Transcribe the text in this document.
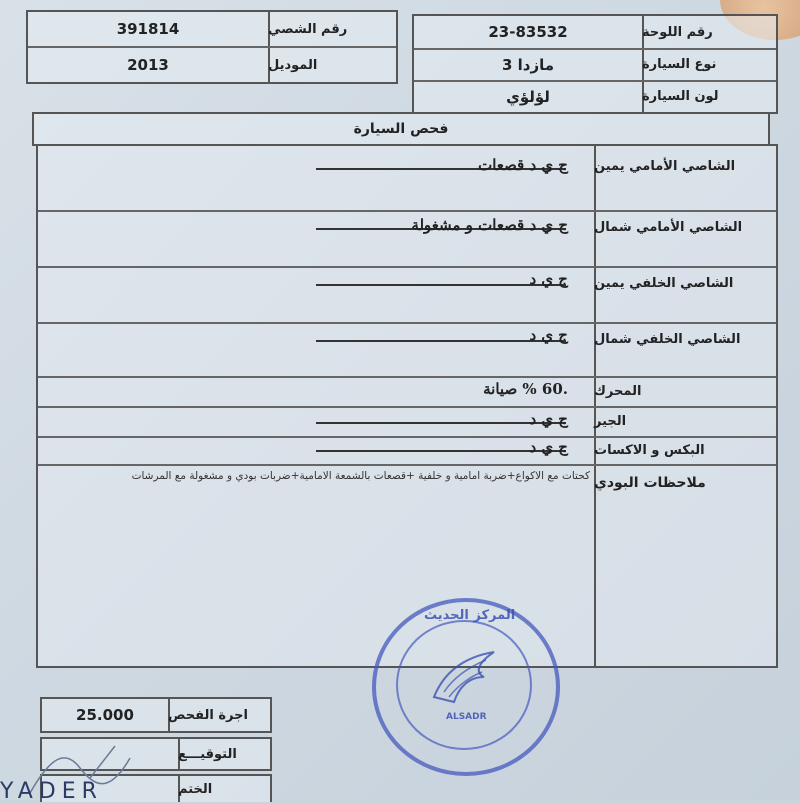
رقم الشصي
391814
الموديل
2013
رقم اللوحة
23-83532
نوع السيارة
مازدا 3
لون السيارة
لؤلؤي
فحص السيارة
الشاصي الأمامي يمين
ج ي د قصعات
الشاصي الأمامي شمال
ج ي د قصعات و مشغولة
الشاصي الخلفي يمين
ج ي د
الشاصي الخلفي شمال
ج ي د
المحرك
.60 % صيانة
الجير
ج ي د
البكس و الاكسات
ج ي د
ملاحظات البودي
كحتات مع الاكواع+ضربة امامية و خلفية +قصعات بالشمعة الامامية+ضربات بودي و مشغولة مع المرشات
اجرة الفحص
25.000
التوقيـــع
الختم
المركز الحديث
ALSADR
YADER
